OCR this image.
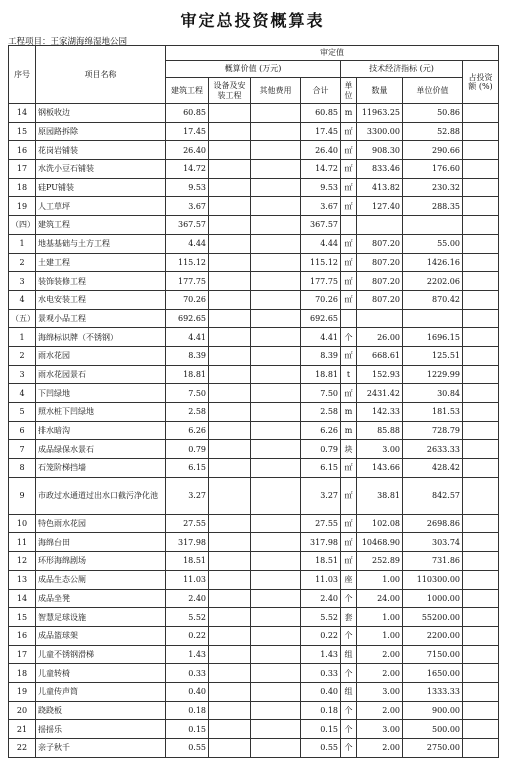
审定总投资概算表
工程项目：王家湖海绵湿地公园
序号	项目名称	审定值							
		概算价值 (万元)				技术经济指标 (元)			占投资额 (%)
		建筑工程	设备及安装工程	其他费用	合计	单位	数量	单位价值	
14	钢板收边	60.85			60.85	m	11963.25	50.86	
15	原园路拆除	17.45			17.45	㎡	3300.00	52.88	
16	花岗岩铺装	26.40			26.40	㎡	908.30	290.66	
17	水洗小豆石铺装	14.72			14.72	㎡	833.46	176.60	
18	硅PU铺装	9.53			9.53	㎡	413.82	230.32	
19	人工草坪	3.67			3.67	㎡	127.40	288.35	
（四）	建筑工程	367.57			367.57				
1	地基基础与土方工程	4.44			4.44	㎡	807.20	55.00	
2	土建工程	115.12			115.12	㎡	807.20	1426.16	
3	装饰装修工程	177.75			177.75	㎡	807.20	2202.06	
4	水电安装工程	70.26			70.26	㎡	807.20	870.42	
（五）	景观小品工程	692.65			692.65				
1	海绵标识牌（不锈钢）	4.41			4.41	个	26.00	1696.15	
2	雨水花园	8.39			8.39	㎡	668.61	125.51	
3	雨水花园景石	18.81			18.81	t	152.93	1229.99	
4	下凹绿地	7.50			7.50	㎡	2431.42	30.84	
5	照水桩下凹绿地	2.58			2.58	m	142.33	181.53	
6	排水暗沟	6.26			6.26	m	85.88	728.79	
7	成品绿保水景石	0.79			0.79	块	3.00	2633.33	
8	石笼阶梯挡墙	6.15			6.15	㎡	143.66	428.42	
9	市政过水通道过出水口截污净化池	3.27			3.27	㎡	38.81	842.57	
10	特色雨水花园	27.55			27.55	㎡	102.08	2698.86	
11	海绵台田	317.98			317.98	㎡	10468.90	303.74	
12	环形海绵剧场	18.51			18.51	㎡	252.89	731.86	
13	成品生态公厕	11.03			11.03	座	1.00	110300.00	
14	成品坐凳	2.40			2.40	个	24.00	1000.00	
15	智慧足球设施	5.52			5.52	套	1.00	55200.00	
16	成品篮球架	0.22			0.22	个	1.00	2200.00	
17	儿童不锈钢滑梯	1.43			1.43	组	2.00	7150.00	
18	儿童转椅	0.33			0.33	个	2.00	1650.00	
19	儿童传声筒	0.40			0.40	组	3.00	1333.33	
20	跷跷板	0.18			0.18	个	2.00	900.00	
21	揺揺乐	0.15			0.15	个	3.00	500.00	
22	亲子秋千	0.55			0.55	个	2.00	2750.00	
